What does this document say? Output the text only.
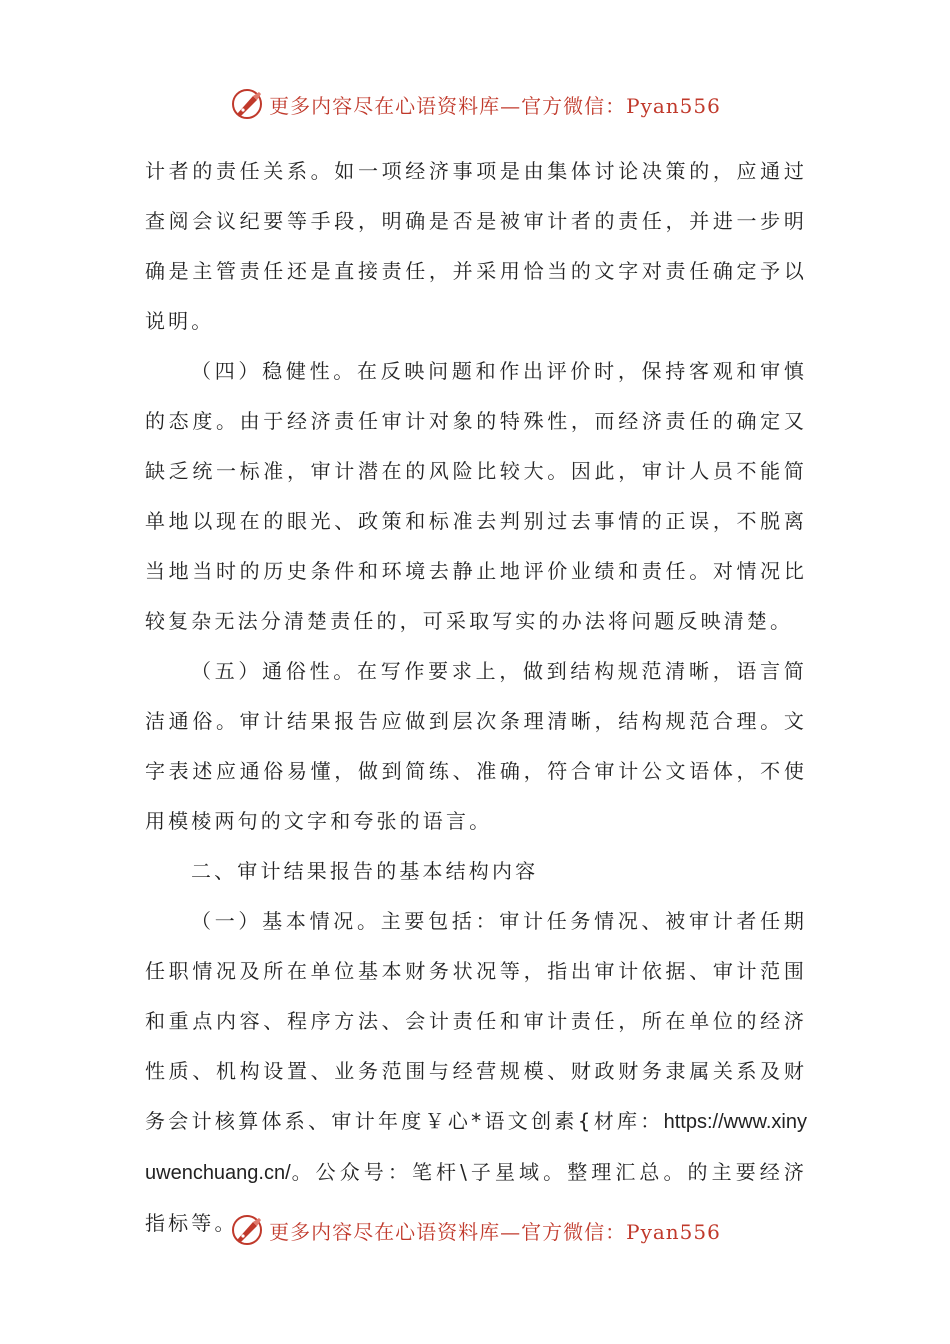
更多内容尽在心语资料库—官方微信：Pyan556

计者的责任关系。如一项经济事项是由集体讨论决策的，应通过查阅会议纪要等手段，明确是否是被审计者的责任，并进一步明确是主管责任还是直接责任，并采用恰当的文字对责任确定予以说明。

（四）稳健性。在反映问题和作出评价时，保持客观和审慎的态度。由于经济责任审计对象的特殊性，而经济责任的确定又缺乏统一标准，审计潜在的风险比较大。因此，审计人员不能简单地以现在的眼光、政策和标准去判别过去事情的正误，不脱离当地当时的历史条件和环境去静止地评价业绩和责任。对情况比较复杂无法分清楚责任的，可采取写实的办法将问题反映清楚。

（五）通俗性。在写作要求上，做到结构规范清晰，语言简洁通俗。审计结果报告应做到层次条理清晰，结构规范合理。文字表述应通俗易懂，做到简练、准确，符合审计公文语体，不使用模棱两句的文字和夸张的语言。

二、审计结果报告的基本结构内容

（一）基本情况。主要包括：审计任务情况、被审计者任期任职情况及所在单位基本财务状况等，指出审计依据、审计范围和重点内容、程序方法、会计责任和审计责任，所在单位的经济性质、机构设置、业务范围与经营规模、财政财务隶属关系及财务会计核算体系、审计年度￥心*语文创素{材库：https://www.xinyuwenchuang.cn/。公众号：笔杆\子星域。整理汇总。的主要经济指标等。	更多内容尽在心语资料库—官方微信：Pyan556
